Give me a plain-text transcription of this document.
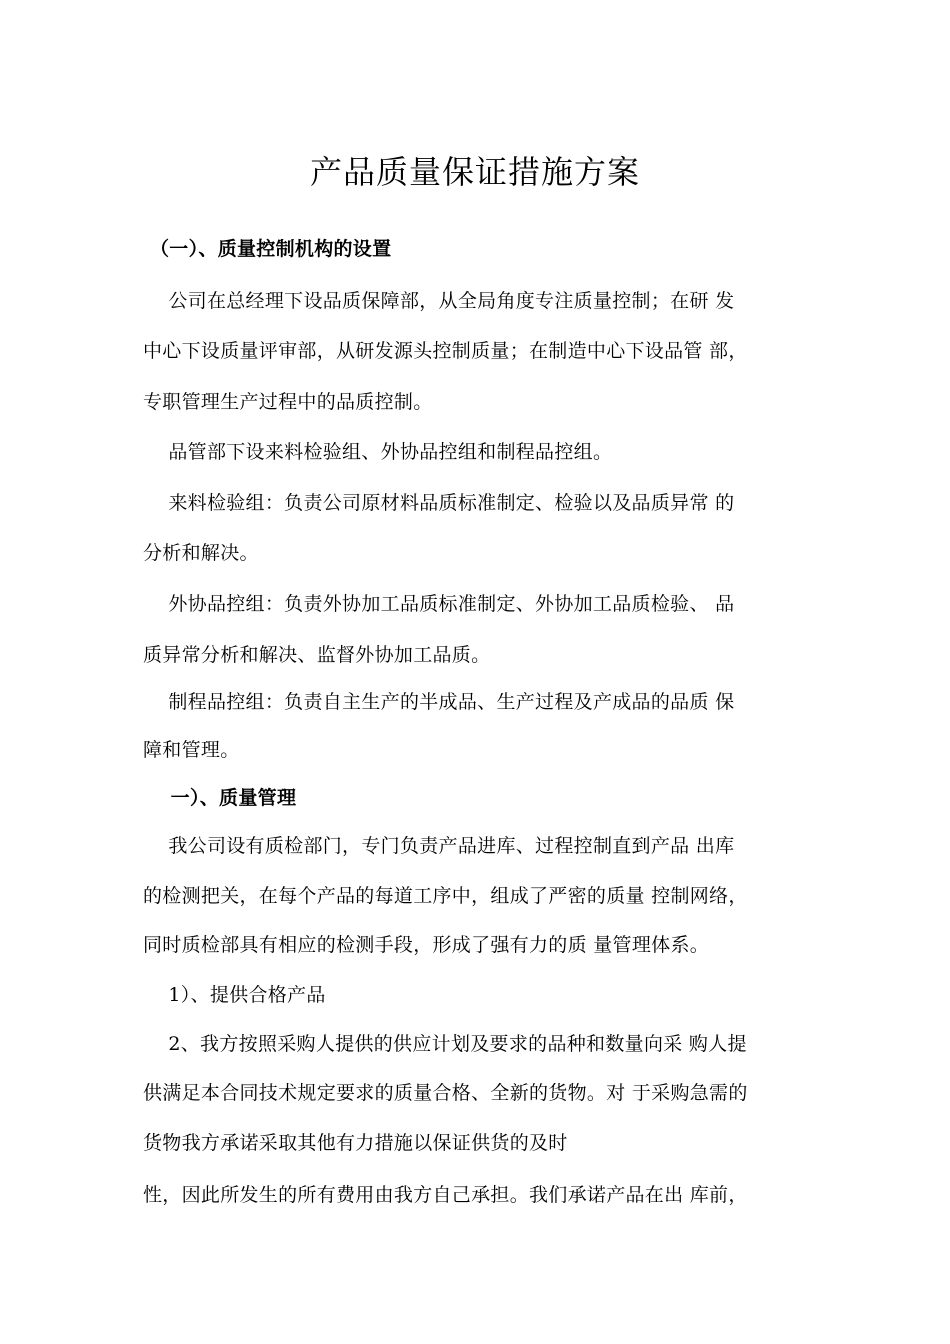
产品质量保证措施方案
（一）、质量控制机构的设置
公司在总经理下设品质保障部，从全局角度专注质量控制；在研 发
中心下设质量评审部，从研发源头控制质量；在制造中心下设品管 部，
专职管理生产过程中的品质控制。
品管部下设来料检验组、外协品控组和制程品控组。
来料检验组：负责公司原材料品质标准制定、检验以及品质异常 的
分析和解决。
外协品控组：负责外协加工品质标准制定、外协加工品质检验、 品
质异常分析和解决、监督外协加工品质。
制程品控组：负责自主生产的半成品、生产过程及产成品的品质 保
障和管理。
一）、质量管理
我公司设有质检部门，专门负责产品进库、过程控制直到产品 出库
的检测把关，在每个产品的每道工序中，组成了严密的质量 控制网络，
同时质检部具有相应的检测手段，形成了强有力的质 量管理体系。
1）、提供合格产品
2、我方按照采购人提供的供应计划及要求的品种和数量向采 购人提
供满足本合同技术规定要求的质量合格、全新的货物。对 于采购急需的
货物我方承诺采取其他有力措施以保证供货的及时
性，因此所发生的所有费用由我方自己承担。我们承诺产品在出 库前，
